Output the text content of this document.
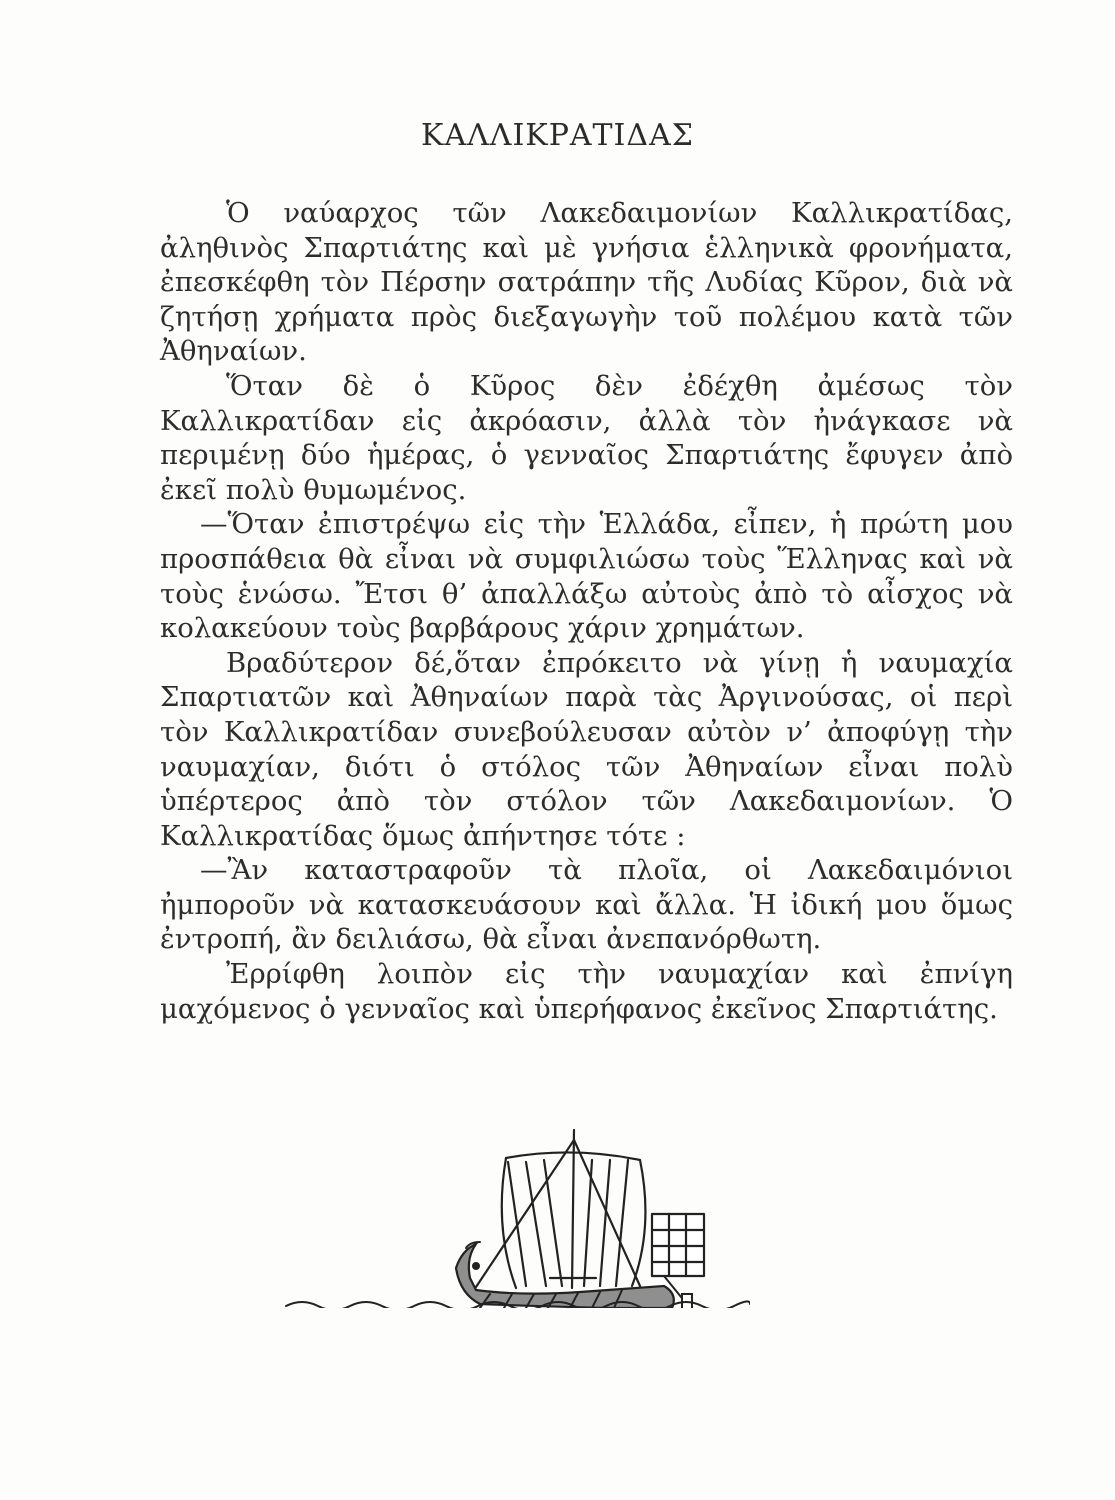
ΚΑΛΛΙΚΡΑΤΙΔΑΣ

Ὁ ναύαρχος τῶν Λακεδαιμονίων Καλλικρατίδας, ἀληθινὸς Σπαρτιάτης καὶ μὲ γνήσια ἑλληνικὰ φρονήματα, ἐπεσκέφθη τὸν Πέρσην σατράπην τῆς Λυδίας Κῦρον, διὰ νὰ ζητήσῃ χρήματα πρὸς διεξαγωγὴν τοῦ πολέμου κατὰ τῶν Ἀθηναίων.

Ὅταν δὲ ὁ Κῦρος δὲν ἐδέχθη ἀμέσως τὸν Καλλικρατίδαν εἰς ἀκρόασιν, ἀλλὰ τὸν ἠνάγκασε νὰ περιμένῃ δύο ἡμέρας, ὁ γενναῖος Σπαρτιάτης ἔφυγεν ἀπὸ ἐκεῖ πολὺ θυμωμένος.

—Ὅταν ἐπιστρέψω εἰς τὴν Ἑλλάδα, εἶπεν, ἡ πρώτη μου προσπάθεια θὰ εἶναι νὰ συμφιλιώσω τοὺς Ἕλληνας καὶ νὰ τοὺς ἑνώσω. Ἔτσι θ’ ἀπαλλάξω αὐτοὺς ἀπὸ τὸ αἶσχος νὰ κολακεύουν τοὺς βαρβάρους χάριν χρημάτων.

Βραδύτερον δέ,ὅταν ἐπρόκειτο νὰ γίνῃ ἡ ναυμαχία Σπαρτιατῶν καὶ Ἀθηναίων παρὰ τὰς Ἀργινούσας, οἱ περὶ τὸν Καλλικρατίδαν συνεβούλευσαν αὐτὸν ν’ ἀποφύγῃ τὴν ναυμαχίαν, διότι ὁ στόλος τῶν Ἀθηναίων εἶναι πολὺ ὑπέρτερος ἀπὸ τὸν στόλον τῶν Λακεδαιμονίων. Ὁ Καλλικρατίδας ὅμως ἀπήντησε τότε :

—Ἂν καταστραφοῦν τὰ πλοῖα, οἱ Λακεδαιμόνιοι ἠμποροῦν νὰ κατασκευάσουν καὶ ἄλλα. Ἡ ἰδική μου ὅμως ἐντροπή, ἂν δειλιάσω, θὰ εἶναι ἀνεπανόρθωτη.

Ἐρρίφθη λοιπὸν εἰς τὴν ναυμαχίαν καὶ ἐπνίγη μαχόμενος ὁ γενναῖος καὶ ὑπερήφανος ἐκεῖνος Σπαρτιάτης.
